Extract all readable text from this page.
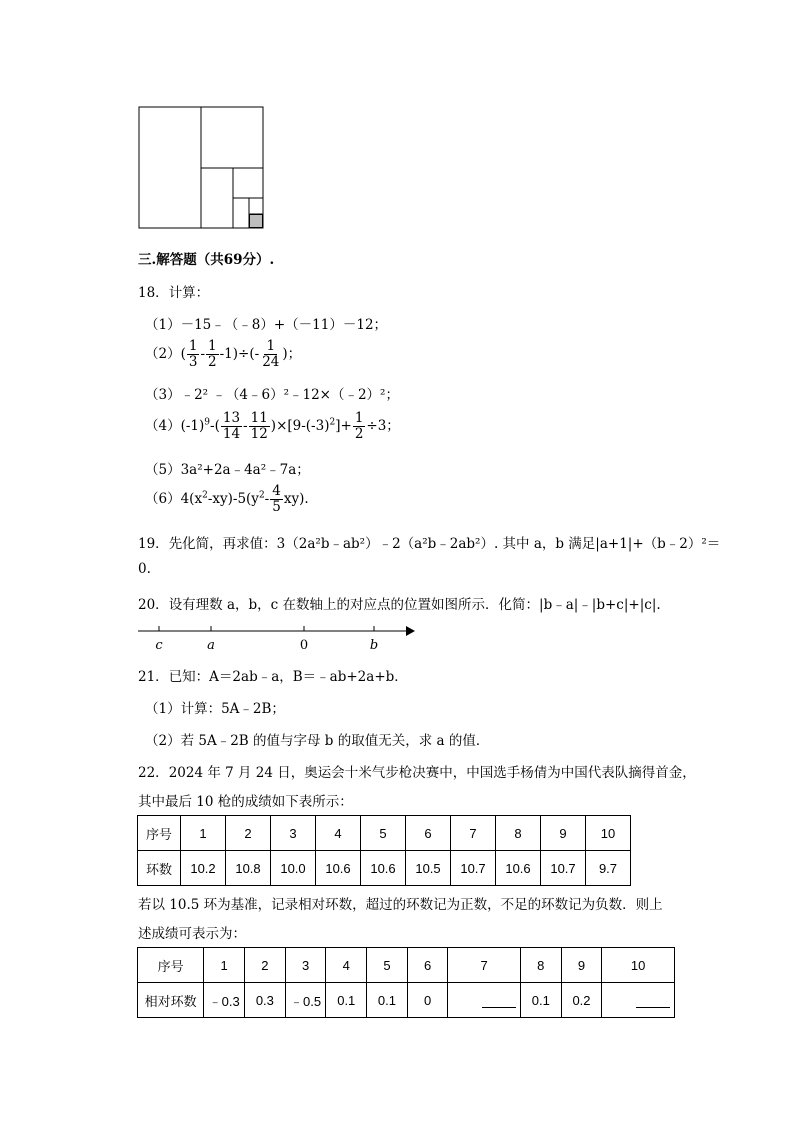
三.解答题（共69分）.
18．计算：
（1）－15﹣（﹣8）+（－11）－12；
$(2)( \frac{1}{3} - \frac{1}{2} -1)\div(- \frac{1}{24}$ )；
（3）﹣2² ﹣（4﹣6）²﹣12×（﹣2）²；
$(4)(-1)^9-( \frac{13}{14} - \frac{11}{12} )\times[9-(-3)^2]+ \frac{1}{2} \div 3$；
（5）3a²+2a﹣4a²﹣7a；
$(6)4(x^2-xy)-5(y^2- \frac{4}{5} xy)$.
19．先化简，再求值：3（2a²b﹣ab²）﹣2（a²b﹣2ab²）. 其中 a，b 满足|a+1|+（b﹣2）²＝
0.
20．设有理数 a，b，c 在数轴上的对应点的位置如图所示．化简：|b﹣a|﹣|b+c|+|c|.
c	a	0	b
21．已知：A＝2ab﹣a，B＝﹣ab+2a+b．
（1）计算：5A﹣2B；
（2）若 5A﹣2B 的值与字母 b 的取值无关，求 a 的值．
22．2024 年 7 月 24 日，奥运会十米气步枪决赛中，中国选手杨倩为中国代表队摘得首金，
其中最后 10 枪的成绩如下表所示：
序号	1	2	3	4	5	6	7	8	9	10
环数	10.2	10.8	10.0	10.6	10.6	10.5	10.7	10.6	10.7	9.7
若以 10.5 环为基准，记录相对环数，超过的环数记为正数，不足的环数记为负数．则上
述成绩可表示为：
序号	1	2	3	4	5	6	7	8	9	10
相对环数	﹣0.3	0.3	﹣0.5	0.1	0.1	0		0.1	0.2	
